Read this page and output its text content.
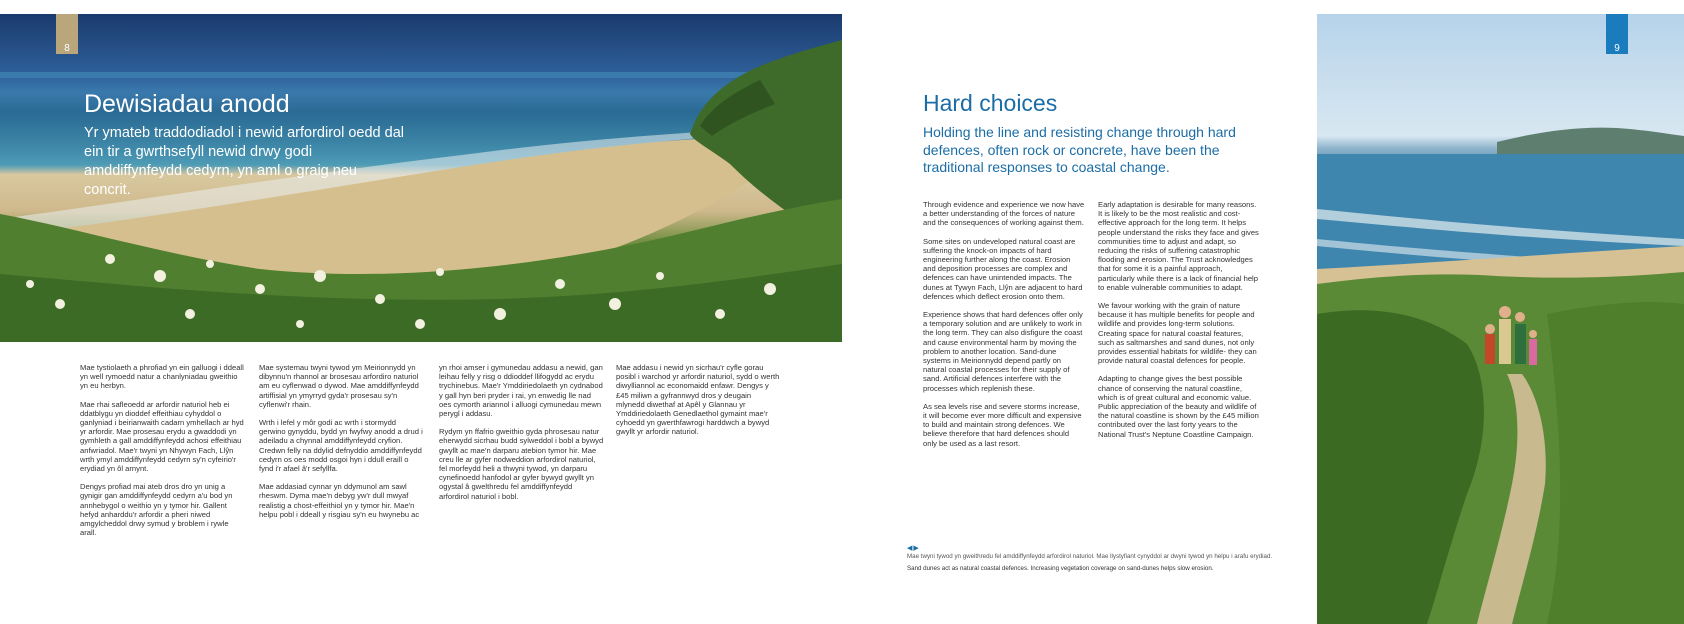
8
Dewisiadau anodd
Yr ymateb traddodiadol i newid arfordirol oedd dal ein tir a gwrthsefyll newid drwy godi amddiffynfeydd cedyrn, yn aml o graig neu concrit.

Mae tystiolaeth a phrofiad yn ein galluogi i ddeall yn well rymoedd natur a chanlyniadau gweithio yn eu herbyn.

Mae rhai safleoedd ar arfordir naturiol heb ei ddatblygu yn dioddef effeithiau cyhyddol o ganlyniad i beirianwaith cadarn ymhellach ar hyd yr arfordir. Mae prosesau erydu a gwaddodi yn gymhleth a gall amddiffynfeydd achosi effeithiau anfwriadol. Mae'r twyni yn Nhywyn Fach, Llŷn wrth ymyl amddiffynfeydd cedyrn sy'n cyfeirio'r erydiad yn ôl arnynt.

Dengys profiad mai ateb dros dro yn unig a gynigir gan amddiffynfeydd cedyrn a'u bod yn annhebygol o weithio yn y tymor hir. Gallent hefyd anharddu'r arfordir a pheri niwed amgylcheddol drwy symud y broblem i rywle arall.

Mae systemau twyni tywod ym Meirionnydd yn dibynnu'n rhannol ar brosesau arfordiro naturiol am eu cyflenwad o dywod. Mae amddiffynfeydd artiffisial yn ymyrryd gyda'r prosesau sy'n cyflenwi'r rhain.

Wrth i lefel y môr godi ac wrth i stormydd gerwino gynyddu, bydd yn fwyfwy anodd a drud i adeiladu a chynnal amddiffynfeydd cryfion. Credwn felly na ddylid defnyddio amddiffynfeydd cedyrn os oes modd osgoi hyn i ddull eraill o fynd i'r afael â'r sefyllfa.

Mae addasiad cynnar yn ddymunol am sawl rheswm. Dyma mae'n debyg yw'r dull mwyaf realistig a chost-effeithiol yn y tymor hir. Mae'n helpu pobl i ddeall y risgiau sy'n eu hwynebu ac

yn rhoi amser i gymunedau addasu a newid, gan leihau felly y risg o ddioddef llifogydd ac erydu trychinebus. Mae'r Ymddiriedolaeth yn cydnabod y gall hyn beri pryder i rai, yn enwedig lle nad oes cymorth ariannol i alluogi cymunedau mewn perygl i addasu.

Rydym yn ffafrio gweithio gyda phrosesau natur eherwydd sicrhau budd sylweddol i bobl a bywyd gwyllt ac mae'n darparu atebion tymor hir. Mae creu lle ar gyfer nodweddion arfordirol naturiol, fel morfeydd heli a thwyni tywod, yn darparu cynefinoedd hanfodol ar gyfer bywyd gwyllt yn ogystal â gwelthredu fel amddiffynfeydd arfordirol naturiol i bobl.

Mae addasu i newid yn sicrhau'r cyfle gorau posibl i warchod yr arfordir naturiol, sydd o werth diwylliannol ac economaidd enfawr. Dengys y £45 miliwn a gyfrannwyd dros y deugain mlynedd diwethaf at Apêl y Glannau yr Ymddiriedolaeth Genedlaethol gymaint mae'r cyhoedd yn gwerthfawrogi harddwch a bywyd gwyllt yr arfordir naturiol.

Hard choices
Holding the line and resisting change through hard defences, often rock or concrete, have been the traditional responses to coastal change.

Through evidence and experience we now have a better understanding of the forces of nature and the consequences of working against them.

Some sites on undeveloped natural coast are suffering the knock-on impacts of hard engineering further along the coast. Erosion and deposition processes are complex and defences can have unintended impacts. The dunes at Tywyn Fach, Llŷn are adjacent to hard defences which deflect erosion onto them.

Experience shows that hard defences offer only a temporary solution and are unlikely to work in the long term. They can also disfigure the coast and cause environmental harm by moving the problem to another location. Sand-dune systems in Meirionnydd depend partly on natural coastal processes for their supply of sand. Artificial defences interfere with the processes which replenish these.

As sea levels rise and severe storms increase, it will become ever more difficult and expensive to build and maintain strong defences. We believe therefore that hard defences should only be used as a last resort.

Early adaptation is desirable for many reasons. It is likely to be the most realistic and cost-effective approach for the long term. It helps people understand the risks they face and gives communities time to adjust and adapt, so reducing the risks of suffering catastrophic flooding and erosion. The Trust acknowledges that for some it is a painful approach, particularly while there is a lack of financial help to enable vulnerable communities to adapt.

We favour working with the grain of nature because it has multiple benefits for people and wildlife and provides long-term solutions. Creating space for natural coastal features, such as saltmarshes and sand dunes, not only provides essential habitats for wildlife- they can provide natural coastal defences for people.

Adapting to change gives the best possible chance of conserving the natural coastline, which is of great cultural and economic value. Public appreciation of the beauty and wildlife of the natural coastline is shown by the £45 million contributed over the last forty years to the National Trust's Neptune Coastline Campaign.

◀▶
Mae twyni tywod yn gweithredu fel amddiffynfeydd arfordirol naturiol. Mae llystyfiant cynyddol ar dwyni tywod yn helpu i arafu erydiad.
Sand dunes act as natural coastal defences. Increasing vegetation coverage on sand-dunes helps slow erosion.
9
